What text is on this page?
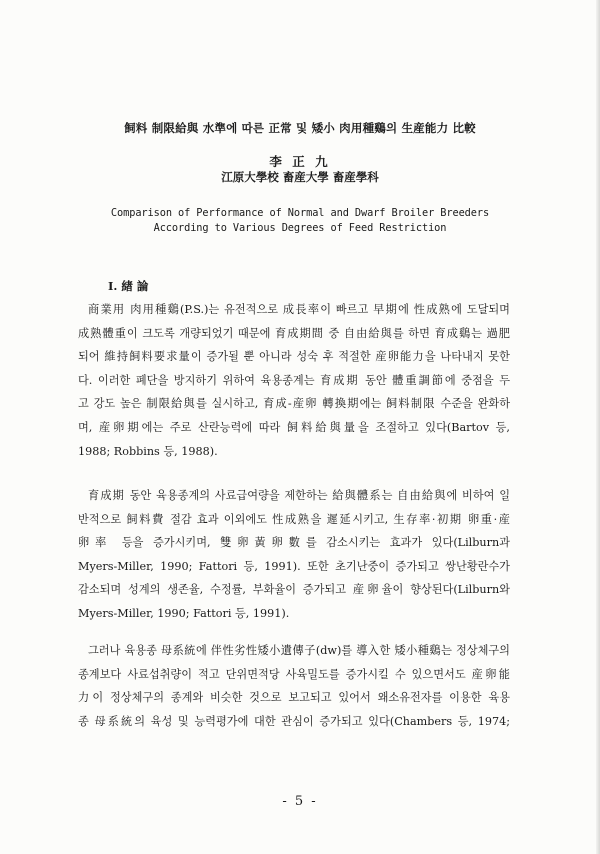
飼料 制限給與 水準에 따른 正常 및 矮小 肉用種鷄의 生産能力 比較
李 正 九
江原大學校 畜産大學 畜産學科
Comparison of Performance of Normal and Dwarf Broiler Breeders
According to Various Degrees of Feed Restriction
Ⅰ. 緖 論
商業用 肉用種鷄(P.S.)는 유전적으로 成長率이 빠르고 早期에 性成熟에 도달되며
成熟體重이 크도록 개량되었기 때문에 育成期間 중 自由給與를 하면 育成鷄는 過肥
되어 維持飼料要求量이 증가될 뿐 아니라 성숙 후 적절한 産卵能力을 나타내지 못한
다. 이러한 폐단을 방지하기 위하여 육용종계는 育成期 동안 體重調節에 중점을 두
고 강도 높은 制限給與를 실시하고, 育成-産卵 轉換期에는 飼料制限 수준을 완화하
며, 産卵期에는 주로 산란능력에 따라 飼料給與量을 조절하고 있다(Bartov 등,
1988; Robbins 등, 1988).
育成期 동안 육용종계의 사료급여량을 제한하는 給與體系는 自由給與에 비하여 일
반적으로 飼料費 절감 효과 이외에도 性成熟을 遲延시키고, 生存率·初期 卵重·産
卵率 등을 증가시키며, 雙卵黃卵數를 감소시키는 효과가 있다(Lilburn과
Myers-Miller, 1990; Fattori 등, 1991). 또한 초기난중이 증가되고 쌍난황란수가
감소되며 성계의 생존율, 수정률, 부화율이 증가되고 産卵율이 향상된다(Lilburn와
Myers-Miller, 1990; Fattori 등, 1991).
그러나 육용종 母系統에 伴性劣性矮小遺傳子(dw)를 導入한 矮小種鷄는 정상체구의
종계보다 사료섭취량이 적고 단위면적당 사육밀도를 증가시킬 수 있으면서도 産卵能
力이 정상체구의 종계와 비슷한 것으로 보고되고 있어서 왜소유전자를 이용한 육용
종 母系統의 육성 및 능력평가에 대한 관심이 증가되고 있다(Chambers 등, 1974;
- 5 -
